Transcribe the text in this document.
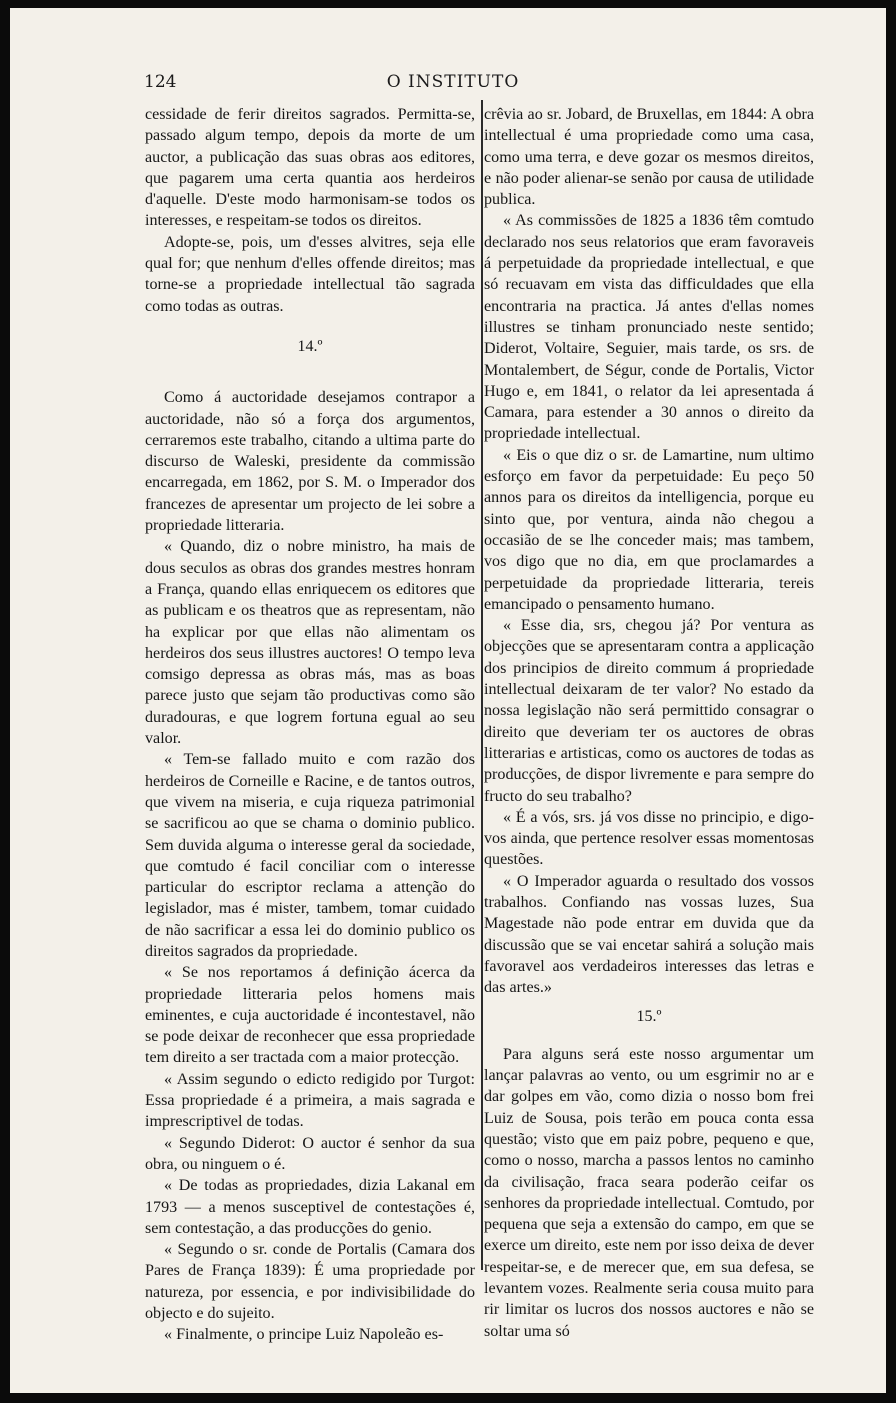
124	O INSTITUTO

cessidade de ferir direitos sagrados. Permitta-se, passado algum tempo, depois da morte de um auctor, a publicação das suas obras aos editores, que pagarem uma certa quantia aos herdeiros d'aquelle. D'este modo harmonisam-se todos os interesses, e respeitam-se todos os direitos.

Adopte-se, pois, um d'esses alvitres, seja elle qual for; que nenhum d'elles offende direitos; mas torne-se a propriedade intellectual tão sagrada como todas as outras.

14.º

Como á auctoridade desejamos contrapor a auctoridade, não só a força dos argumentos, cerraremos este trabalho, citando a ultima parte do discurso de Waleski, presidente da commissão encarregada, em 1862, por S. M. o Imperador dos francezes de apresentar um projecto de lei sobre a propriedade litteraria.

« Quando, diz o nobre ministro, ha mais de dous seculos as obras dos grandes mestres honram a França, quando ellas enriquecem os editores que as publicam e os theatros que as representam, não ha explicar por que ellas não alimentam os herdeiros dos seus illustres auctores! O tempo leva comsigo depressa as obras más, mas as boas parece justo que sejam tão productivas como são duradouras, e que logrem fortuna egual ao seu valor.

« Tem-se fallado muito e com razão dos herdeiros de Corneille e Racine, e de tantos outros, que vivem na miseria, e cuja riqueza patrimonial se sacrificou ao que se chama o dominio publico. Sem duvida alguma o interesse geral da sociedade, que comtudo é facil conciliar com o interesse particular do escriptor reclama a attenção do legislador, mas é mister, tambem, tomar cuidado de não sacrificar a essa lei do dominio publico os direitos sagrados da propriedade.

« Se nos reportamos á definição ácerca da propriedade litteraria pelos homens mais eminentes, e cuja auctoridade é incontestavel, não se pode deixar de reconhecer que essa propriedade tem direito a ser tractada com a maior protecção.

« Assim segundo o edicto redigido por Turgot: Essa propriedade é a primeira, a mais sagrada e imprescriptivel de todas.

« Segundo Diderot: O auctor é senhor da sua obra, ou ninguem o é.

« De todas as propriedades, dizia Lakanal em 1793 — a menos susceptivel de contestações é, sem contestação, a das producções do genio.

« Segundo o sr. conde de Portalis (Camara dos Pares de França 1839): É uma propriedade por natureza, por essencia, e por indivisibilidade do objecto e do sujeito.

« Finalmente, o principe Luiz Napoleão es-

crêvia ao sr. Jobard, de Bruxellas, em 1844: A obra intellectual é uma propriedade como uma casa, como uma terra, e deve gozar os mesmos direitos, e não poder alienar-se senão por causa de utilidade publica.

« As commissões de 1825 a 1836 têm comtudo declarado nos seus relatorios que eram favoraveis á perpetuidade da propriedade intellectual, e que só recuavam em vista das difficuldades que ella encontraria na practica. Já antes d'ellas nomes illustres se tinham pronunciado neste sentido; Diderot, Voltaire, Seguier, mais tarde, os srs. de Montalembert, de Ségur, conde de Portalis, Victor Hugo e, em 1841, o relator da lei apresentada á Camara, para estender a 30 annos o direito da propriedade intellectual.

« Eis o que diz o sr. de Lamartine, num ultimo esforço em favor da perpetuidade: Eu peço 50 annos para os direitos da intelligencia, porque eu sinto que, por ventura, ainda não chegou a occasião de se lhe conceder mais; mas tambem, vos digo que no dia, em que proclamardes a perpetuidade da propriedade litteraria, tereis emancipado o pensamento humano.

« Esse dia, srs, chegou já? Por ventura as objecções que se apresentaram contra a applicação dos principios de direito commum á propriedade intellectual deixaram de ter valor? No estado da nossa legislação não será permittido consagrar o direito que deveriam ter os auctores de obras litterarias e artisticas, como os auctores de todas as producções, de dispor livremente e para sempre do fructo do seu trabalho?

« É a vós, srs. já vos disse no principio, e digo-vos ainda, que pertence resolver essas momentosas questões.

« O Imperador aguarda o resultado dos vossos trabalhos. Confiando nas vossas luzes, Sua Magestade não pode entrar em duvida que da discussão que se vai encetar sahirá a solução mais favoravel aos verdadeiros interesses das letras e das artes.»

15.º

Para alguns será este nosso argumentar um lançar palavras ao vento, ou um esgrimir no ar e dar golpes em vão, como dizia o nosso bom frei Luiz de Sousa, pois terão em pouca conta essa questão; visto que em paiz pobre, pequeno e que, como o nosso, marcha a passos lentos no caminho da civilisação, fraca seara poderão ceifar os senhores da propriedade intellectual. Comtudo, por pequena que seja a extensão do campo, em que se exerce um direito, este nem por isso deixa de dever respeitar-se, e de merecer que, em sua defesa, se levantem vozes. Realmente seria cousa muito para rir limitar os lucros dos nossos auctores e não se soltar uma só
